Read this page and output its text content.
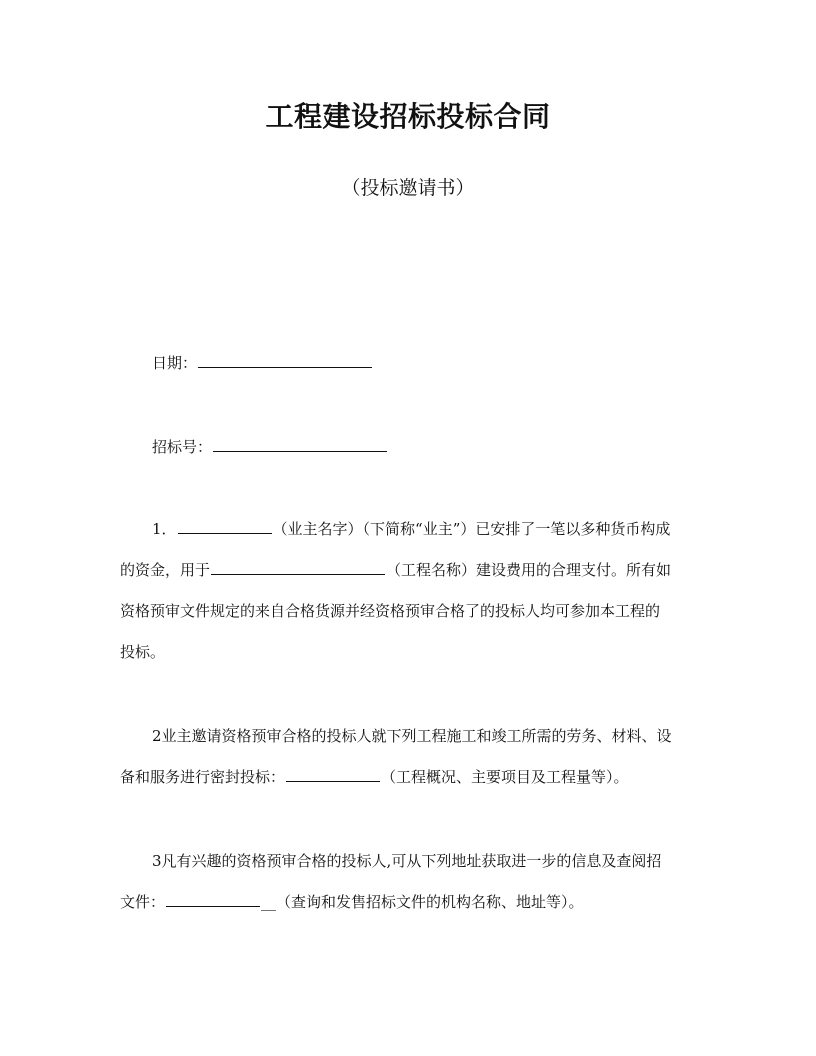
工程建设招标投标合同
（投标邀请书）
日期：
招标号：
1．	（业主名字）（下简称“业主”）已安排了一笔以多种货币构成
的资金，用于	（工程名称）建设费用的合理支付。所有如
资格预审文件规定的来自合格货源并经资格预审合格了的投标人均可参加本工程的
投标。
2业主邀请资格预审合格的投标人就下列工程施工和竣工所需的劳务、材料、设
备和服务进行密封投标：	（工程概况、主要项目及工程量等）。
3凡有兴趣的资格预审合格的投标人,可从下列地址获取进一步的信息及查阅招
文件：	__（查询和发售招标文件的机构名称、地址等）。
